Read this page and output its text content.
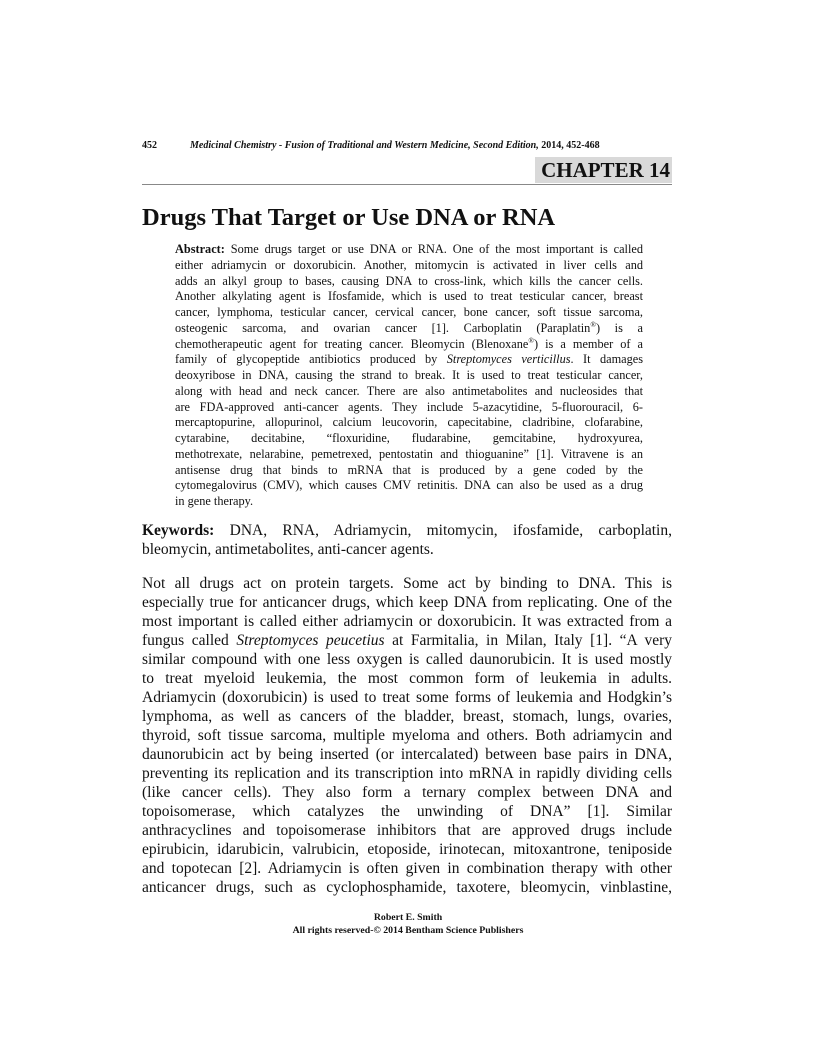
452	Medicinal Chemistry - Fusion of Traditional and Western Medicine, Second Edition, 2014, 452-468
CHAPTER 14
Drugs That Target or Use DNA or RNA
Abstract: Some drugs target or use DNA or RNA. One of the most important is called
either adriamycin or doxorubicin. Another, mitomycin is activated in liver cells and
adds an alkyl group to bases, causing DNA to cross-link, which kills the cancer cells.
Another alkylating agent is Ifosfamide, which is used to treat testicular cancer, breast
cancer, lymphoma, testicular cancer, cervical cancer, bone cancer, soft tissue sarcoma,
osteogenic sarcoma, and ovarian cancer [1]. Carboplatin (Paraplatin®) is a
chemotherapeutic agent for treating cancer. Bleomycin (Blenoxane®) is a member of a
family of glycopeptide antibiotics produced by Streptomyces verticillus. It damages
deoxyribose in DNA, causing the strand to break. It is used to treat testicular cancer,
along with head and neck cancer. There are also antimetabolites and nucleosides that
are FDA-approved anti-cancer agents. They include 5-azacytidine, 5-fluorouracil, 6-
mercaptopurine, allopurinol, calcium leucovorin, capecitabine, cladribine, clofarabine,
cytarabine, decitabine, “floxuridine, fludarabine, gemcitabine, hydroxyurea,
methotrexate, nelarabine, pemetrexed, pentostatin and thioguanine” [1]. Vitravene is an
antisense drug that binds to mRNA that is produced by a gene coded by the
cytomegalovirus (CMV), which causes CMV retinitis. DNA can also be used as a drug
in gene therapy.
Keywords: DNA, RNA, Adriamycin, mitomycin, ifosfamide, carboplatin,
bleomycin, antimetabolites, anti-cancer agents.
Not all drugs act on protein targets. Some act by binding to DNA. This is
especially true for anticancer drugs, which keep DNA from replicating. One of the
most important is called either adriamycin or doxorubicin. It was extracted from a
fungus called Streptomyces peucetius at Farmitalia, in Milan, Italy [1]. “A very
similar compound with one less oxygen is called daunorubicin. It is used mostly
to treat myeloid leukemia, the most common form of leukemia in adults.
Adriamycin (doxorubicin) is used to treat some forms of leukemia and Hodgkin’s
lymphoma, as well as cancers of the bladder, breast, stomach, lungs, ovaries,
thyroid, soft tissue sarcoma, multiple myeloma and others. Both adriamycin and
daunorubicin act by being inserted (or intercalated) between base pairs in DNA,
preventing its replication and its transcription into mRNA in rapidly dividing cells
(like cancer cells). They also form a ternary complex between DNA and
topoisomerase, which catalyzes the unwinding of DNA” [1]. Similar
anthracyclines and topoisomerase inhibitors that are approved drugs include
epirubicin, idarubicin, valrubicin, etoposide, irinotecan, mitoxantrone, teniposide
and topotecan [2]. Adriamycin is often given in combination therapy with other
anticancer drugs, such as cyclophosphamide, taxotere, bleomycin, vinblastine,
Robert E. Smith
All rights reserved-© 2014 Bentham Science Publishers
